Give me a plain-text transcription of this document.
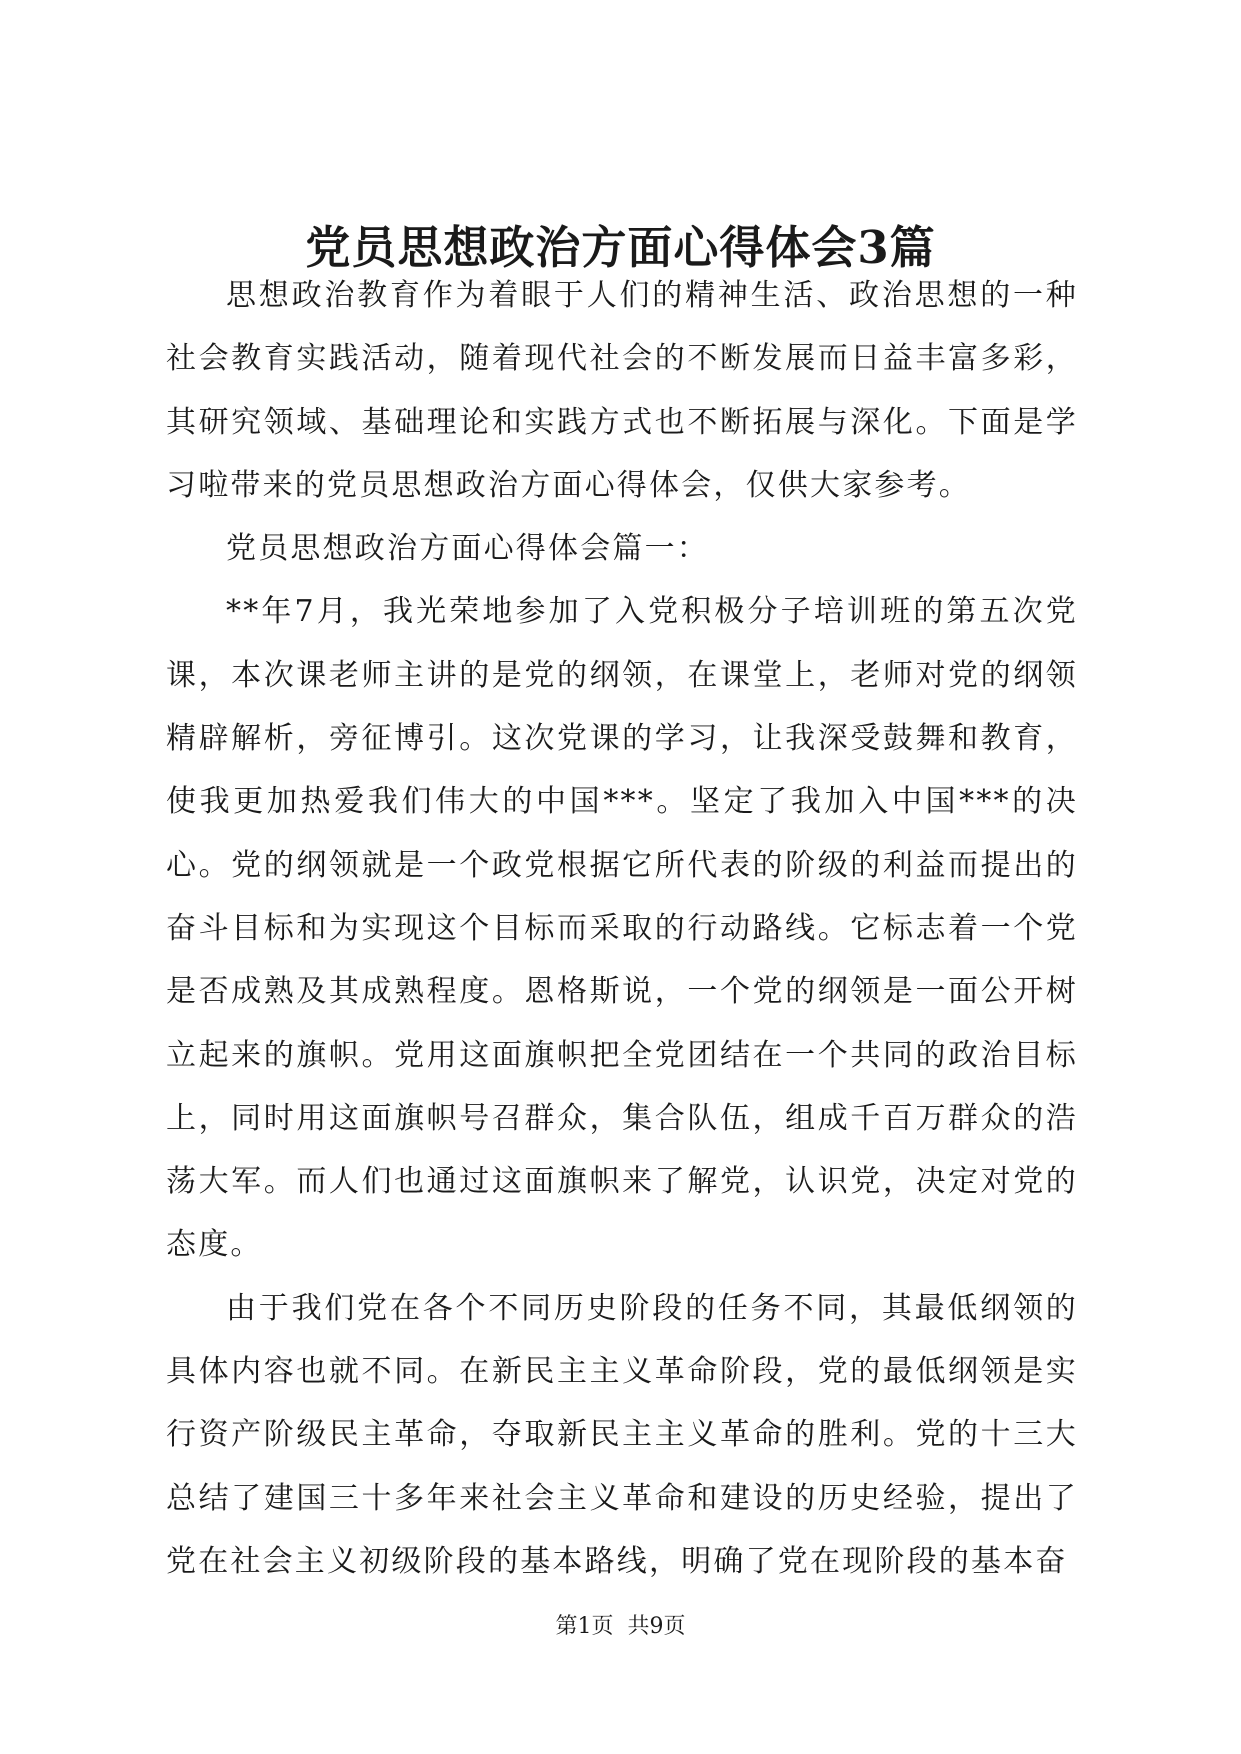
党员思想政治方面心得体会3篇

思想政治教育作为着眼于人们的精神生活、政治思想的一种社会教育实践活动，随着现代社会的不断发展而日益丰富多彩，其研究领域、基础理论和实践方式也不断拓展与深化。下面是学习啦带来的党员思想政治方面心得体会，仅供大家参考。

党员思想政治方面心得体会篇一：

**年7月，我光荣地参加了入党积极分子培训班的第五次党课，本次课老师主讲的是党的纲领，在课堂上，老师对党的纲领精辟解析，旁征博引。这次党课的学习，让我深受鼓舞和教育，使我更加热爱我们伟大的中国***。坚定了我加入中国***的决心。党的纲领就是一个政党根据它所代表的阶级的利益而提出的奋斗目标和为实现这个目标而采取的行动路线。它标志着一个党是否成熟及其成熟程度。恩格斯说，一个党的纲领是一面公开树立起来的旗帜。党用这面旗帜把全党团结在一个共同的政治目标上，同时用这面旗帜号召群众，集合队伍，组成千百万群众的浩荡大军。而人们也通过这面旗帜来了解党，认识党，决定对党的态度。

由于我们党在各个不同历史阶段的任务不同，其最低纲领的具体内容也就不同。在新民主主义革命阶段，党的最低纲领是实行资产阶级民主革命，夺取新民主主义革命的胜利。党的十三大总结了建国三十多年来社会主义革命和建设的历史经验，提出了党在社会主义初级阶段的基本路线，明确了党在现阶段的基本奋

第1页 共9页
